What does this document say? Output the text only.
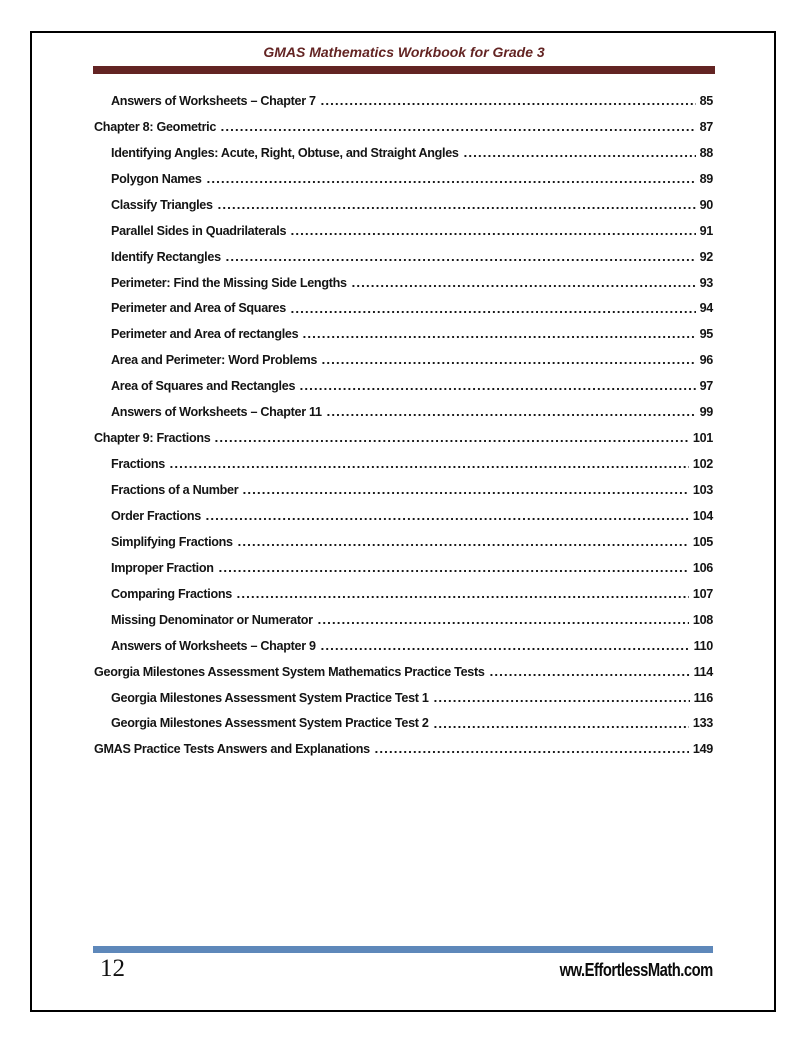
GMAS Mathematics Workbook for Grade 3
Answers of Worksheets – Chapter 7	85
Chapter 8: Geometric	87
Identifying Angles: Acute, Right, Obtuse, and Straight Angles	88
Polygon Names	89
Classify Triangles	90
Parallel Sides in Quadrilaterals	91
Identify Rectangles	92
Perimeter: Find the Missing Side Lengths	93
Perimeter and Area of Squares	94
Perimeter and Area of rectangles	95
Area and Perimeter: Word Problems	96
Area of Squares and Rectangles	97
Answers of Worksheets – Chapter 11	99
Chapter 9: Fractions	101
Fractions	102
Fractions of a Number	103
Order Fractions	104
Simplifying Fractions	105
Improper Fraction	106
Comparing Fractions	107
Missing Denominator or Numerator	108
Answers of Worksheets – Chapter 9	110
Georgia Milestones Assessment System Mathematics Practice Tests	114
Georgia Milestones Assessment System Practice Test 1	116
Georgia Milestones Assessment System Practice Test 2	133
GMAS Practice Tests Answers and Explanations	149
12	ww.EffortlessMath.com
